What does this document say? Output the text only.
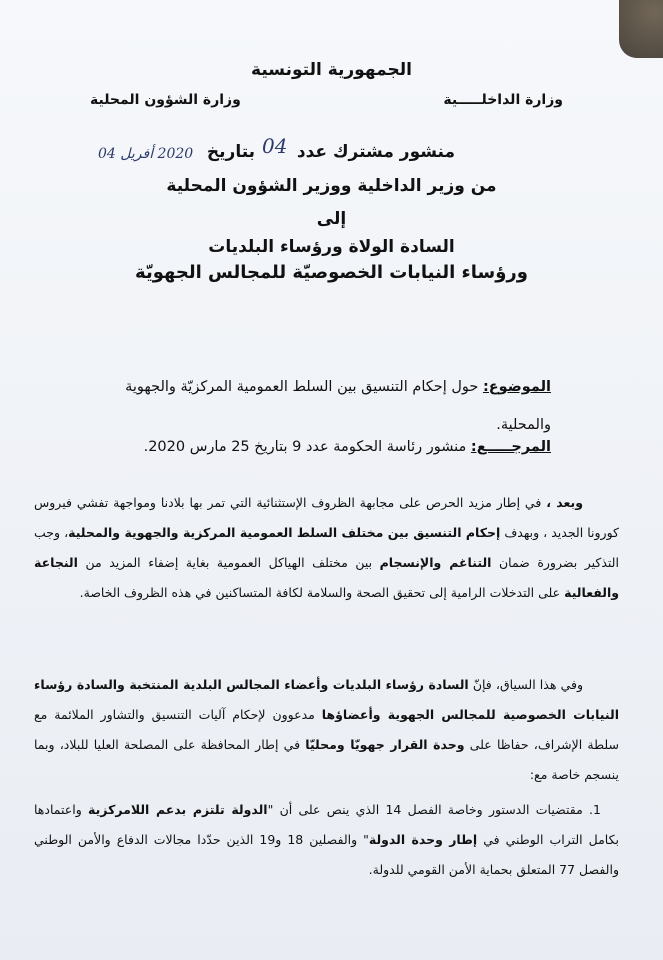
الجمهورية التونسية
وزارة الداخلـــــية
وزارة الشؤون المحلية
منشور مشترك عدد  بتاريخ 04
2020 أفريل 04
من وزير الداخلية ووزير الشؤون المحلية
إلى
السادة الولاة ورؤساء البلديات
ورؤساء النيابات الخصوصيّة للمجالس الجهويّة
الموضوع: حول إحكام التنسيق بين السلط العمومية المركزيّة والجهوية والمحلية.
المرجـــــع: منشور رئاسة الحكومة عدد 9 بتاريخ 25 مارس 2020.
وبعد ، في إطار مزيد الحرص على مجابهة الظروف الإستثنائية التي تمر بها بلادنا ومواجهة تفشي فيروس كورونا الجديد ، وبهدف إحكام التنسيق بين مختلف السلط العمومية المركزية والجهوية والمحلية، وجب التذكير بضرورة ضمان التناغم والإنسجام بين مختلف الهياكل العمومية بغاية إضفاء المزيد من النجاعة والفعالية على التدخلات الرامية إلى تحقيق الصحة والسلامة لكافة المتساكنين في هذه الظروف الخاصة.
وفي هذا السياق، فإنّ السادة رؤساء البلديات وأعضاء المجالس البلدية المنتخبة والسادة رؤساء النيابات الخصوصية للمجالس الجهوية وأعضاؤها مدعوون لإحكام آليات التنسيق والتشاور الملائمة مع سلطة الإشراف، حفاظا على وحدة القرار جهويّا ومحليّا في إطار المحافظة على المصلحة العليا للبلاد، وبما ينسجم خاصة مع:
1. مقتضيات الدستور وخاصة الفصل 14 الذي ينص على أن "الدولة تلتزم بدعم اللامركزية واعتمادها بكامل التراب الوطني في إطار وحدة الدولة" والفصلين 18 و19 الذين حدّدا مجالات الدفاع والأمن الوطني والفصل 77 المتعلق بحماية الأمن القومي للدولة.
